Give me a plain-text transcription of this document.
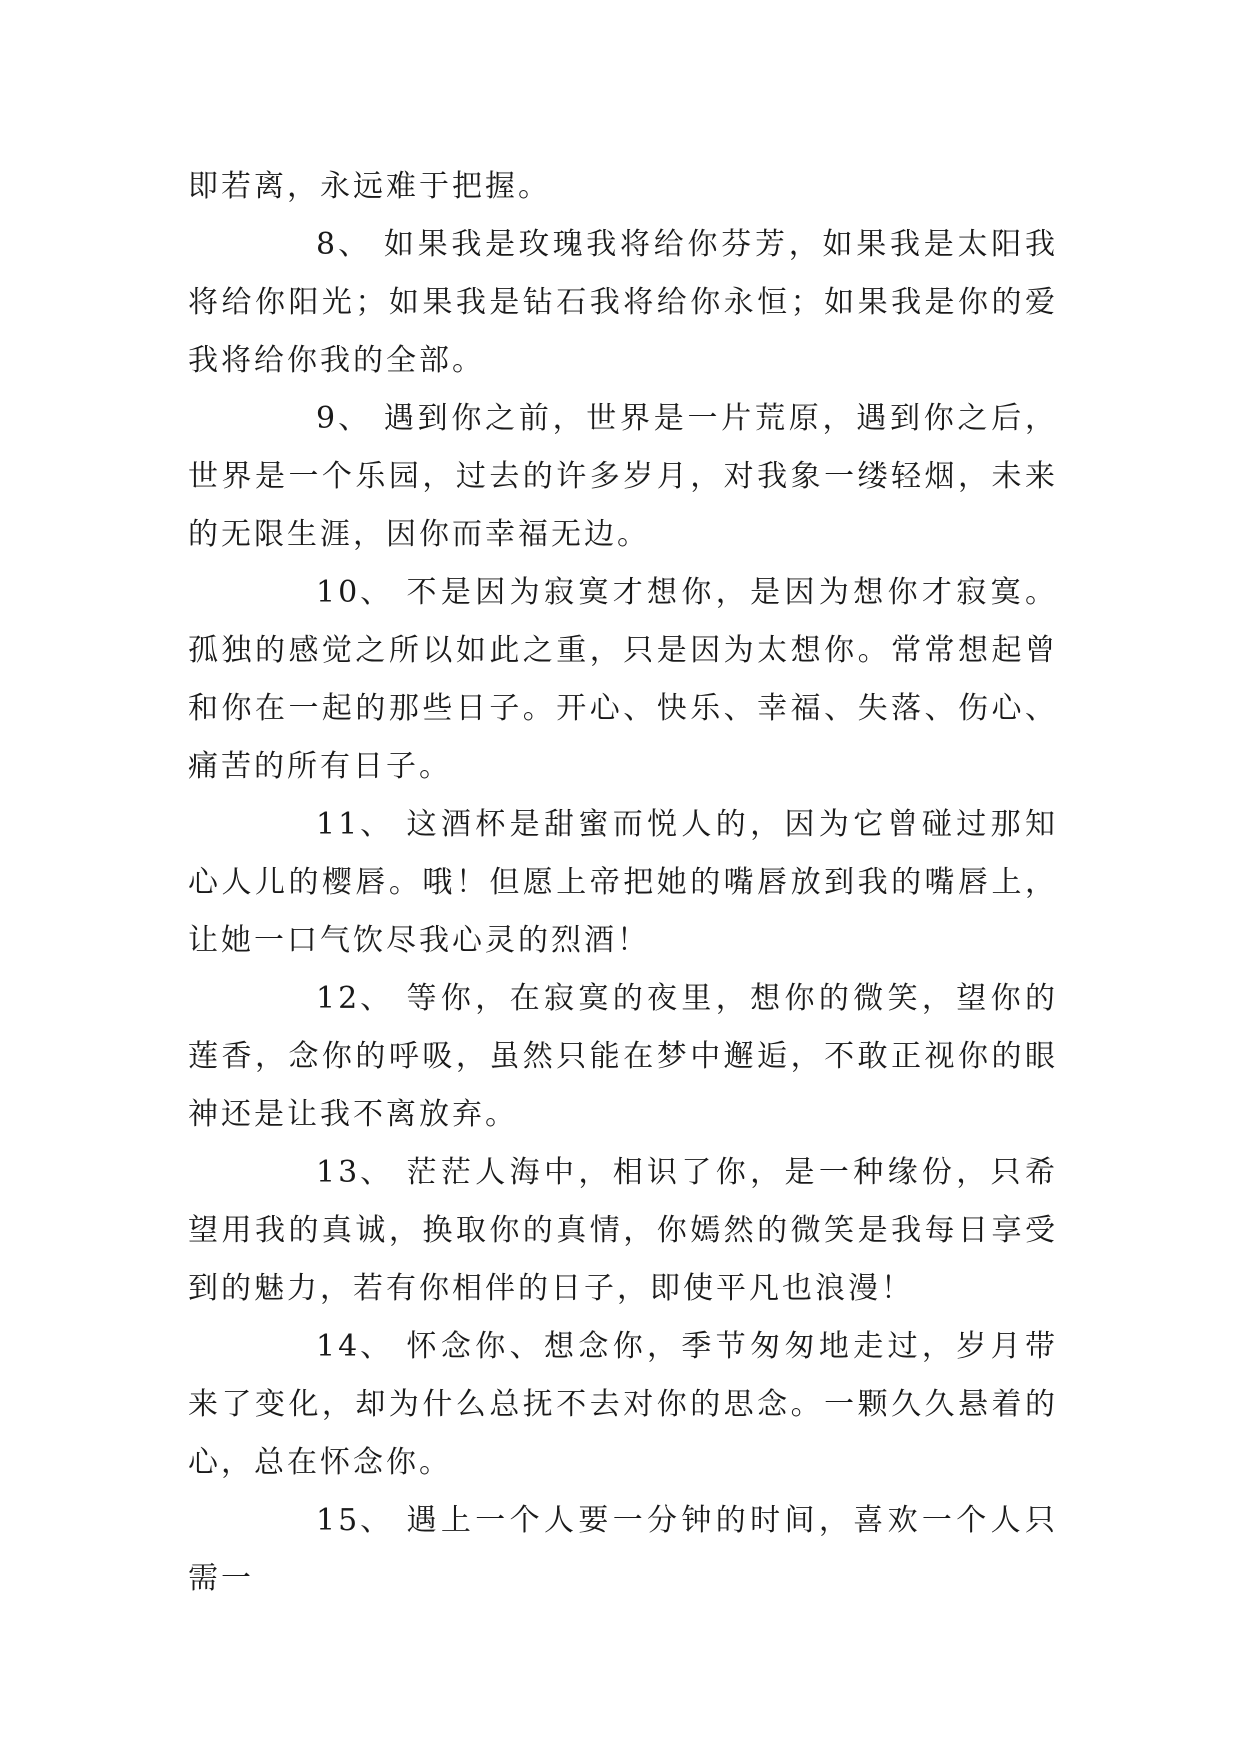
即若离，永远难于把握。

8、 如果我是玫瑰我将给你芬芳，如果我是太阳我将给你阳光；如果我是钻石我将给你永恒；如果我是你的爱我将给你我的全部。

9、 遇到你之前，世界是一片荒原，遇到你之后，世界是一个乐园，过去的许多岁月，对我象一缕轻烟，未来的无限生涯，因你而幸福无边。

10、 不是因为寂寞才想你，是因为想你才寂寞。孤独的感觉之所以如此之重，只是因为太想你。常常想起曾和你在一起的那些日子。开心、快乐、幸福、失落、伤心、痛苦的所有日子。

11、 这酒杯是甜蜜而悦人的，因为它曾碰过那知心人儿的樱唇。哦！但愿上帝把她的嘴唇放到我的嘴唇上，让她一口气饮尽我心灵的烈酒！

12、 等你，在寂寞的夜里，想你的微笑，望你的莲香，念你的呼吸，虽然只能在梦中邂逅，不敢正视你的眼神还是让我不离放弃。

13、 茫茫人海中，相识了你，是一种缘份，只希望用我的真诚，换取你的真情，你嫣然的微笑是我每日享受到的魅力，若有你相伴的日子，即使平凡也浪漫！

14、 怀念你、想念你，季节匆匆地走过，岁月带来了变化，却为什么总抚不去对你的思念。一颗久久悬着的心，总在怀念你。

15、 遇上一个人要一分钟的时间，喜欢一个人只需一
